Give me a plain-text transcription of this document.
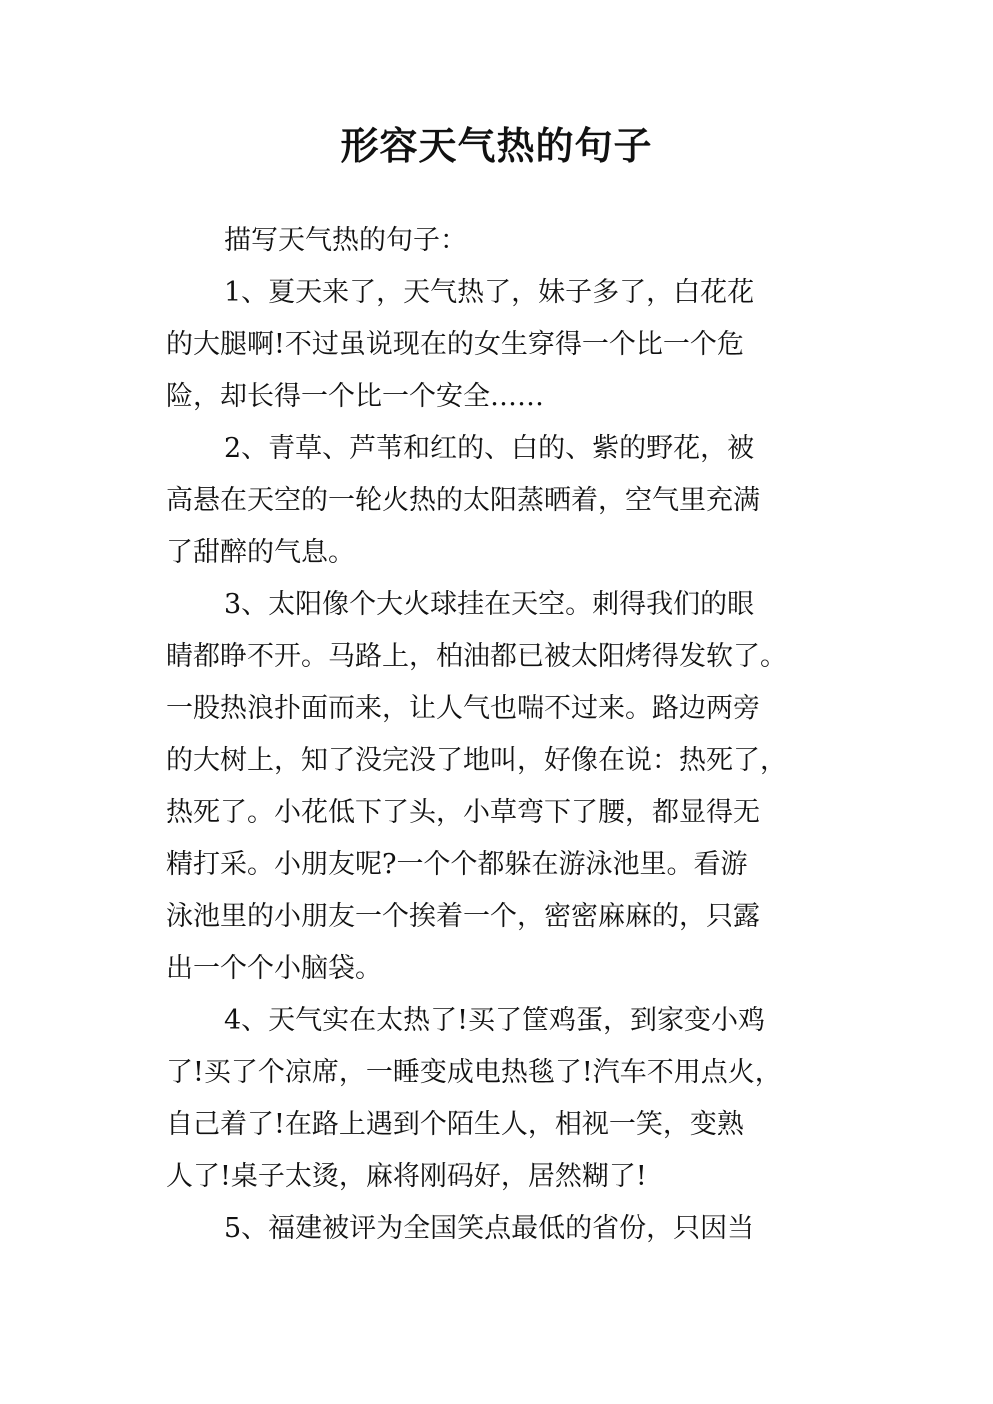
形容天气热的句子
描写天气热的句子：
1、夏天来了，天气热了，妹子多了，白花花
的大腿啊!不过虽说现在的女生穿得一个比一个危
险，却长得一个比一个安全……
2、青草、芦苇和红的、白的、紫的野花，被
高悬在天空的一轮火热的太阳蒸晒着，空气里充满
了甜醉的气息。
3、太阳像个大火球挂在天空。刺得我们的眼
睛都睁不开。马路上，柏油都已被太阳烤得发软了。
一股热浪扑面而来，让人气也喘不过来。路边两旁
的大树上，知了没完没了地叫，好像在说：热死了，
热死了。小花低下了头，小草弯下了腰，都显得无
精打采。小朋友呢?一个个都躲在游泳池里。看游
泳池里的小朋友一个挨着一个，密密麻麻的，只露
出一个个小脑袋。
4、天气实在太热了!买了筐鸡蛋，到家变小鸡
了!买了个凉席，一睡变成电热毯了!汽车不用点火，
自己着了!在路上遇到个陌生人，相视一笑，变熟
人了!桌子太烫，麻将刚码好，居然糊了!
5、福建被评为全国笑点最低的省份，只因当
